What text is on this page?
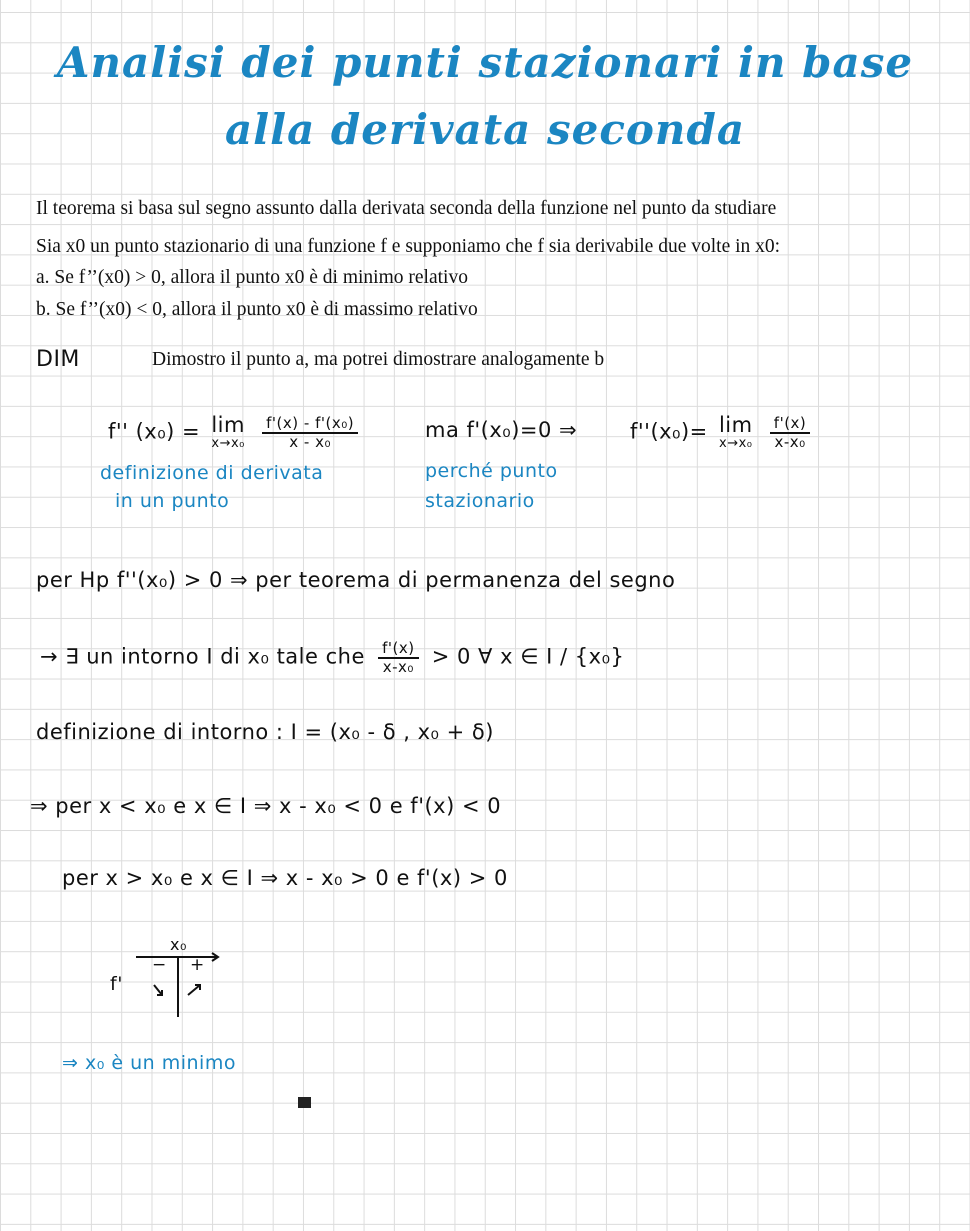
Analisi dei punti stazionari in base
alla derivata seconda

Il teorema si basa sul segno assunto dalla derivata seconda della funzione nel punto da studiare

Sia x0 un punto stazionario di una funzione f e supponiamo che f sia derivabile due volte in x0:

a. Se f’’(x0) > 0, allora il punto x0 è di minimo relativo

b. Se f’’(x0) < 0, allora il punto x0 è di massimo relativo

DIM	Dimostro il punto a, ma potrei dimostrare analogamente b

f'' (x₀) = lim
x→x₀
$\frac{\text{f'(x) - f'(x₀)}}{\text{x - x₀}}$	ma f'(x₀)=0 ⇒	f''(x₀)= lim
x→x₀
$\frac{f'(x)}{\text{x-x₀}}$

definizione di derivata

in un punto

perché punto

stazionario

per Hp f''(x₀) > 0 ⇒ per teorema di permanenza del segno

→ ∃ un intorno I di x₀ tale che $\frac{f'(x)}{\text{x-x₀}} > 0$ ∀ x ∈ I / {x₀}

definizione di intorno : I = (x₀ - δ , x₀ + δ)

⇒ per x < x₀ e x ∈ I ⇒ x - x₀ < 0 e f'(x) < 0

per x > x₀ e x ∈ I ⇒ x - x₀ > 0 e f'(x) > 0

x₀
f'
− +

⇒ x₀ è un minimo
